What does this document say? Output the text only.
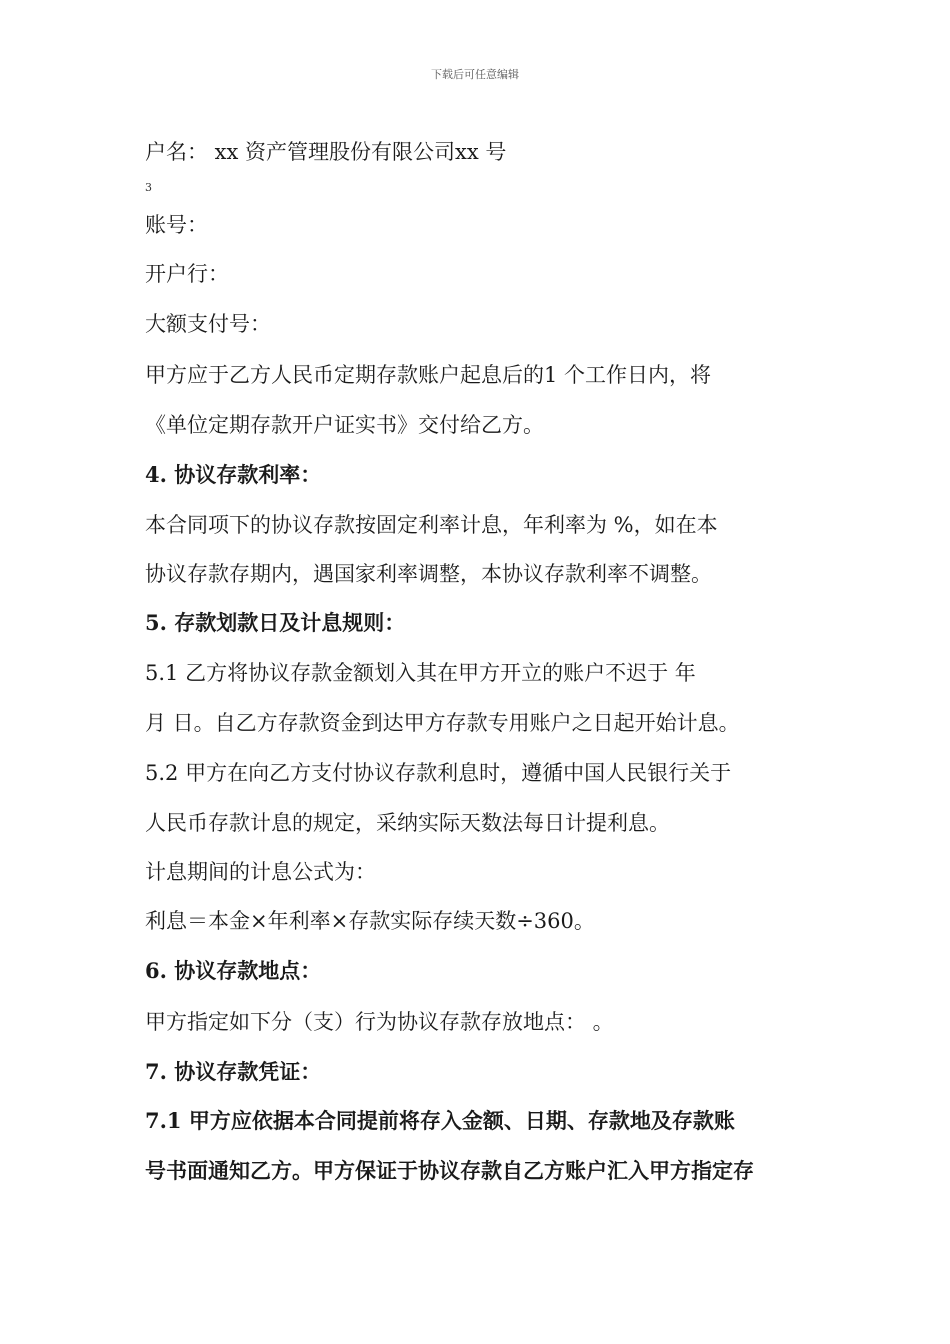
下载后可任意编辑
户名： xx 资产管理股份有限公司xx 号
3
账号：
开户行：
大额支付号：
甲方应于乙方人民币定期存款账户起息后的1 个工作日内，将
《单位定期存款开户证实书》交付给乙方。
4. 协议存款利率：
本合同项下的协议存款按固定利率计息，年利率为 %，如在本
协议存款存期内，遇国家利率调整，本协议存款利率不调整。
5. 存款划款日及计息规则：
5.1 乙方将协议存款金额划入其在甲方开立的账户不迟于 年
月 日。自乙方存款资金到达甲方存款专用账户之日起开始计息。
5.2 甲方在向乙方支付协议存款利息时，遵循中国人民银行关于
人民币存款计息的规定，采纳实际天数法每日计提利息。
计息期间的计息公式为：
利息＝本金×年利率×存款实际存续天数÷360。
6. 协议存款地点：
甲方指定如下分（支）行为协议存款存放地点： 。
7. 协议存款凭证：
7.1 甲方应依据本合同提前将存入金额、日期、存款地及存款账
号书面通知乙方。甲方保证于协议存款自乙方账户汇入甲方指定存
